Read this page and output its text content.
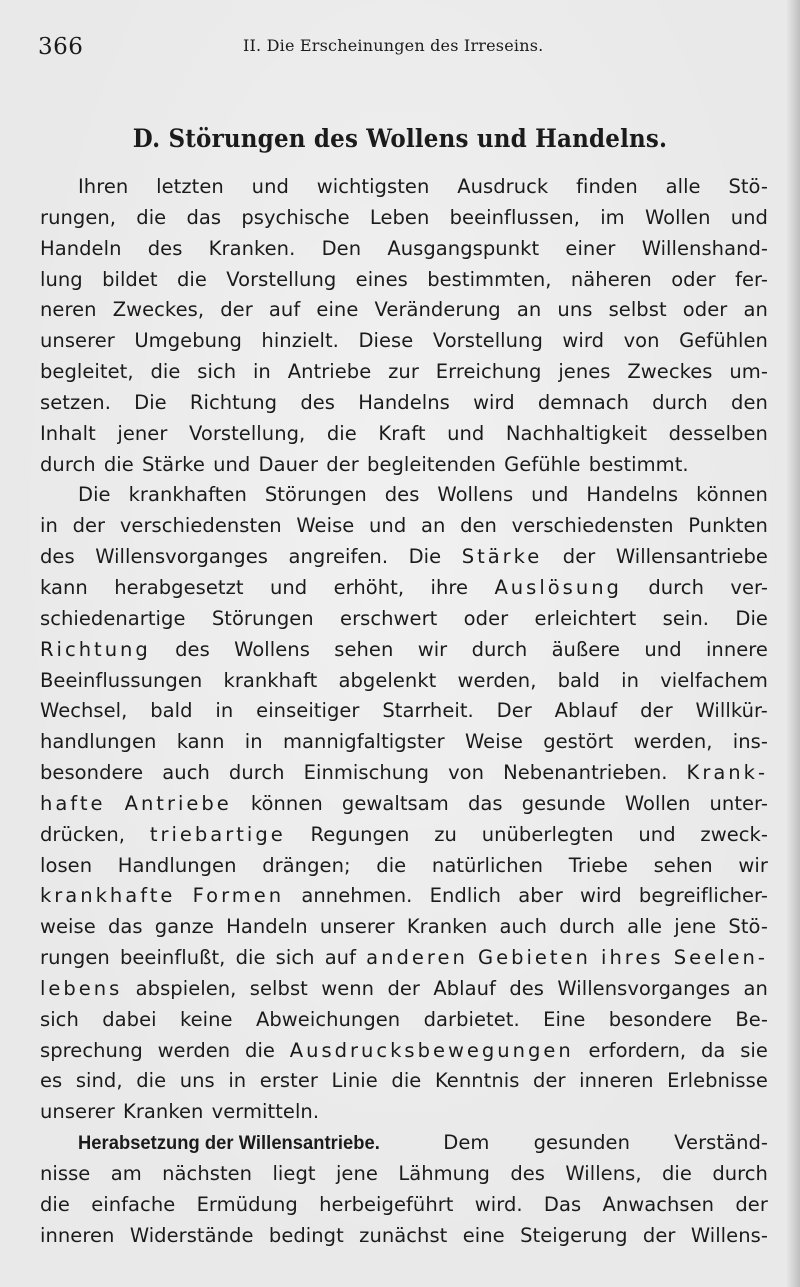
366	II. Die Erscheinungen des Irreseins.
D. Störungen des Wollens und Handelns.
Ihren letzten und wichtigsten Ausdruck finden alle Stö-
rungen, die das psychische Leben beeinflussen, im Wollen und
Handeln des Kranken. Den Ausgangspunkt einer Willenshand-
lung bildet die Vorstellung eines bestimmten, näheren oder fer-
neren Zweckes, der auf eine Veränderung an uns selbst oder an
unserer Umgebung hinzielt. Diese Vorstellung wird von Gefühlen
begleitet, die sich in Antriebe zur Erreichung jenes Zweckes um-
setzen. Die Richtung des Handelns wird demnach durch den
Inhalt jener Vorstellung, die Kraft und Nachhaltigkeit desselben
durch die Stärke und Dauer der begleitenden Gefühle bestimmt.
Die krankhaften Störungen des Wollens und Handelns können
in der verschiedensten Weise und an den verschiedensten Punkten
des Willensvorganges angreifen. Die Stärke der Willensantriebe
kann herabgesetzt und erhöht, ihre Auslösung durch ver-
schiedenartige Störungen erschwert oder erleichtert sein. Die
Richtung des Wollens sehen wir durch äußere und innere
Beeinflussungen krankhaft abgelenkt werden, bald in vielfachem
Wechsel, bald in einseitiger Starrheit. Der Ablauf der Willkür-
handlungen kann in mannigfaltigster Weise gestört werden, ins-
besondere auch durch Einmischung von Nebenantrieben. Krank-
hafte Antriebe können gewaltsam das gesunde Wollen unter-
drücken, triebartige Regungen zu unüberlegten und zweck-
losen Handlungen drängen; die natürlichen Triebe sehen wir
krankhafte Formen annehmen. Endlich aber wird begreiflicher-
weise das ganze Handeln unserer Kranken auch durch alle jene Stö-
rungen beeinflußt, die sich auf anderen Gebieten ihres Seelen-
lebens abspielen, selbst wenn der Ablauf des Willensvorganges an
sich dabei keine Abweichungen darbietet. Eine besondere Be-
sprechung werden die Ausdrucksbewegungen erfordern, da sie
es sind, die uns in erster Linie die Kenntnis der inneren Erlebnisse
unserer Kranken vermitteln.
Herabsetzung der Willensantriebe.	Dem gesunden Verständ-
nisse am nächsten liegt jene Lähmung des Willens, die durch
die einfache Ermüdung herbeigeführt wird. Das Anwachsen der
inneren Widerstände bedingt zunächst eine Steigerung der Willens-
